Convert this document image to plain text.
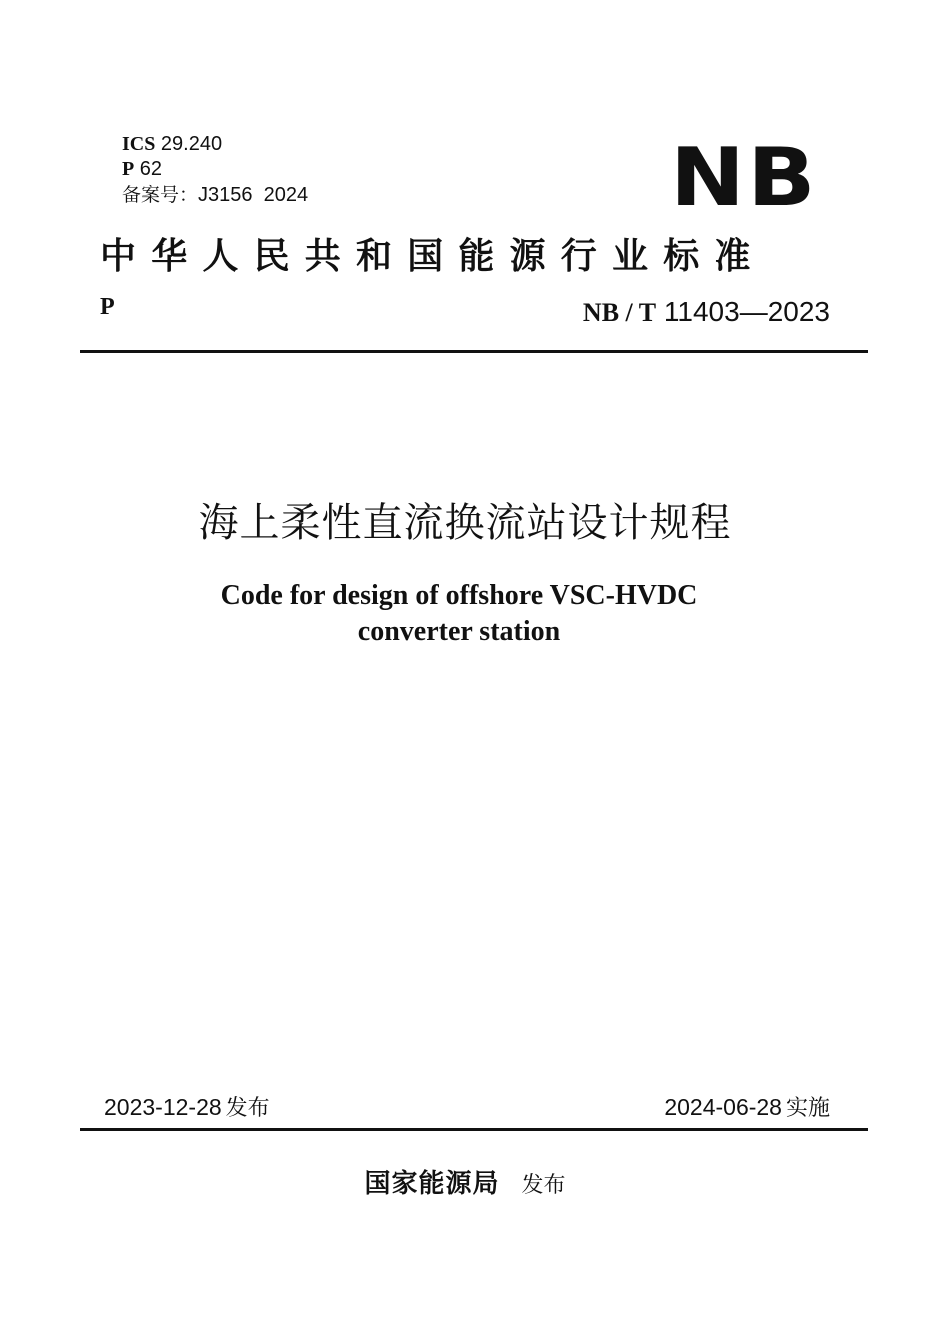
ICS 29.240
P 62
备案号：J3156  2024	NB
中华人民共和国能源行业标准
P	NB / T 11403—2023
海上柔性直流换流站设计规程
Code for design of offshore VSC-HVDC
converter station
2023-12-28 发布	2024-06-28 实施
国家能源局 发布
